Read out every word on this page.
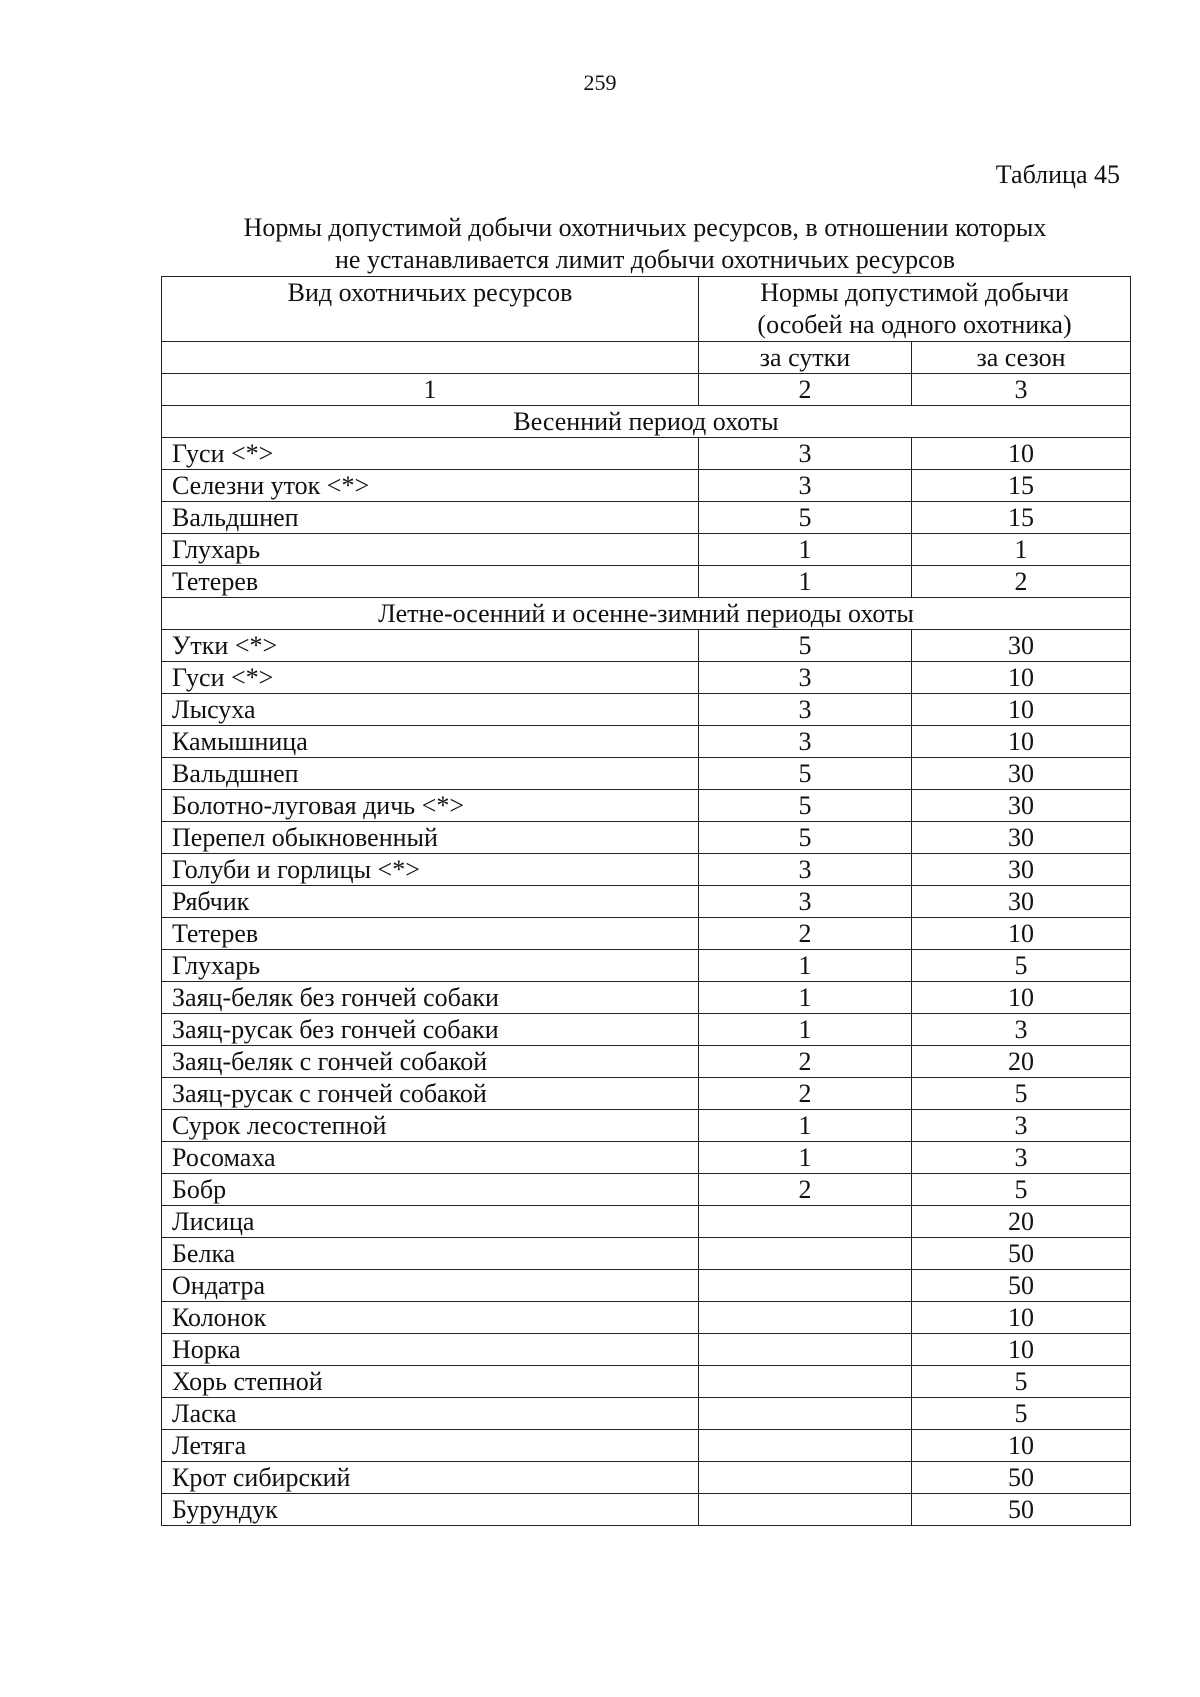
259
Таблица 45
Нормы допустимой добычи охотничьих ресурсов, в отношении которых
не устанавливается лимит добычи охотничьих ресурсов
Вид охотничьих ресурсов	Нормы допустимой добычи
(особей на одного охотника)	

	за сутки	за сезон
1	2	3
Весенний период охоты		
Гуси <*>	3	10
Селезни уток <*>	3	15
Вальдшнеп	5	15
Глухарь	1	1
Тетерев	1	2
Летне-осенний и осенне-зимний периоды охоты		
Утки <*>	5	30
Гуси <*>	3	10
Лысуха	3	10
Камышница	3	10
Вальдшнеп	5	30
Болотно-луговая дичь <*>	5	30
Перепел обыкновенный	5	30
Голуби и горлицы <*>	3	30
Рябчик	3	30
Тетерев	2	10
Глухарь	1	5
Заяц-беляк без гончей собаки	1	10
Заяц-русак без гончей собаки	1	3
Заяц-беляк с гончей собакой	2	20
Заяц-русак с гончей собакой	2	5
Сурок лесостепной	1	3
Росомаха	1	3
Бобр	2	5
Лисица		20
Белка		50
Ондатра		50
Колонок		10
Норка		10
Хорь степной		5
Ласка		5
Летяга		10
Крот сибирский		50
Бурундук		50
